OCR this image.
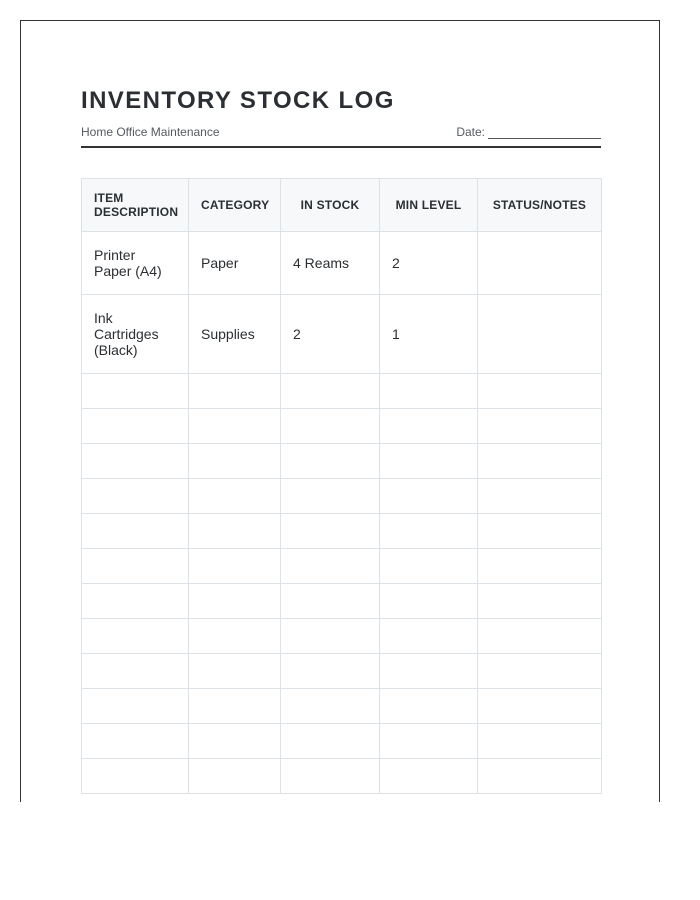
INVENTORY STOCK LOG
Home Office Maintenance	Date:
ITEM DESCRIPTION	CATEGORY	IN STOCK	MIN LEVEL	STATUS/NOTES
Printer Paper (A4)	Paper	4 Reams	2	
Ink Cartridges (Black)	Supplies	2	1	
